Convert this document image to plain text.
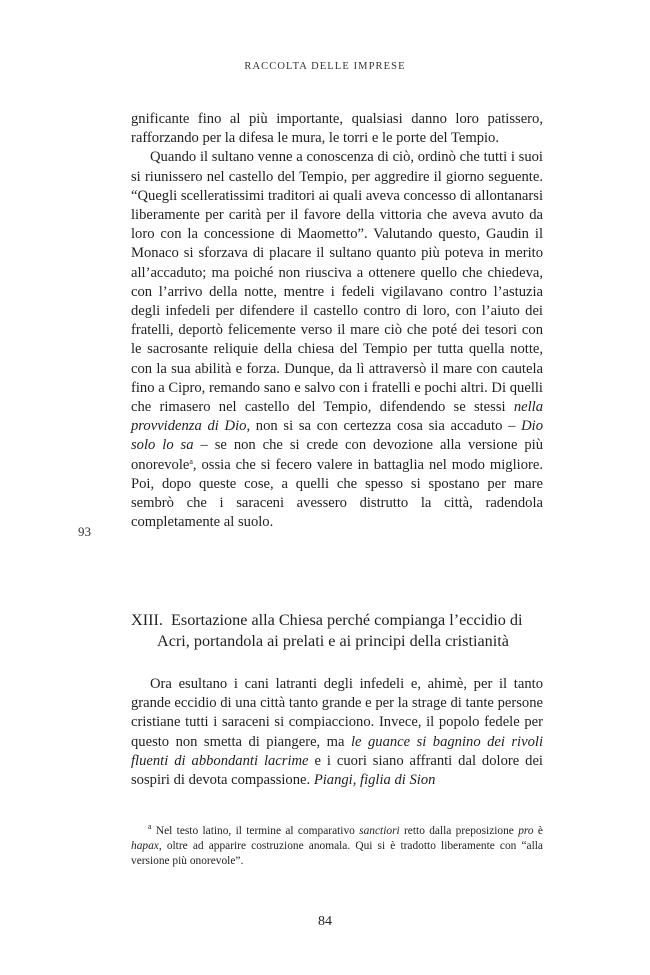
RACCOLTA DELLE IMPRESE

gnificante fino al più importante, qualsiasi danno loro patissero, rafforzando per la difesa le mura, le torri e le porte del Tempio.

Quando il sultano venne a conoscenza di ciò, ordinò che tutti i suoi si riunissero nel castello del Tempio, per aggredire il giorno seguente. “Quegli scelleratissimi traditori ai quali aveva concesso di allontanarsi liberamente per carità per il favore della vittoria che aveva avuto da loro con la concessione di Maometto”. Valutando questo, Gaudin il Monaco si sforzava di placare il sultano quanto più poteva in merito all’accaduto; ma poiché non riusciva a ottenere quello che chiedeva, con l’arrivo della notte, mentre i fedeli vigilavano contro l’astuzia degli infedeli per difendere il castello contro di loro, con l’aiuto dei fratelli, deportò felicemente verso il mare ciò che poté dei tesori con le sacrosante reliquie della chiesa del Tempio per tutta quella notte, con la sua abilità e forza. Dunque, da lì attraversò il mare con cautela fino a Cipro, remando sano e salvo con i fratelli e pochi altri. Di quelli che rimasero nel castello del Tempio, difendendo se stessi nella provvidenza di Dio, non si sa con certezza cosa sia accaduto – Dio solo lo sa – se non che si crede con devozione alla versione più onorevole$^a$, ossia che si fecero valere in battaglia nel modo migliore. Poi, dopo queste cose, a quelli che spesso si spostano per mare sembrò che i saraceni avessero distrutto la città, radendola completamente al suolo.

93
XIII. Esortazione alla Chiesa perché compianga l’eccidio di
Acri, portandola ai prelati e ai principi della cristianità

Ora esultano i cani latranti degli infedeli e, ahimè, per il tanto grande eccidio di una città tanto grande e per la strage di tante persone cristiane tutti i saraceni si compiacciono. Invece, il popolo fedele per questo non smetta di piangere, ma le guance si bagnino dei rivoli fluenti di abbondanti lacrime e i cuori siano affranti dal dolore dei sospiri di devota compassione. Piangi, figlia di Sion

$^a$ Nel testo latino, il termine al comparativo sanctiori retto dalla preposizione pro è hapax, oltre ad apparire costruzione anomala. Qui si è tradotto liberamente con “alla versione più onorevole”.

84
